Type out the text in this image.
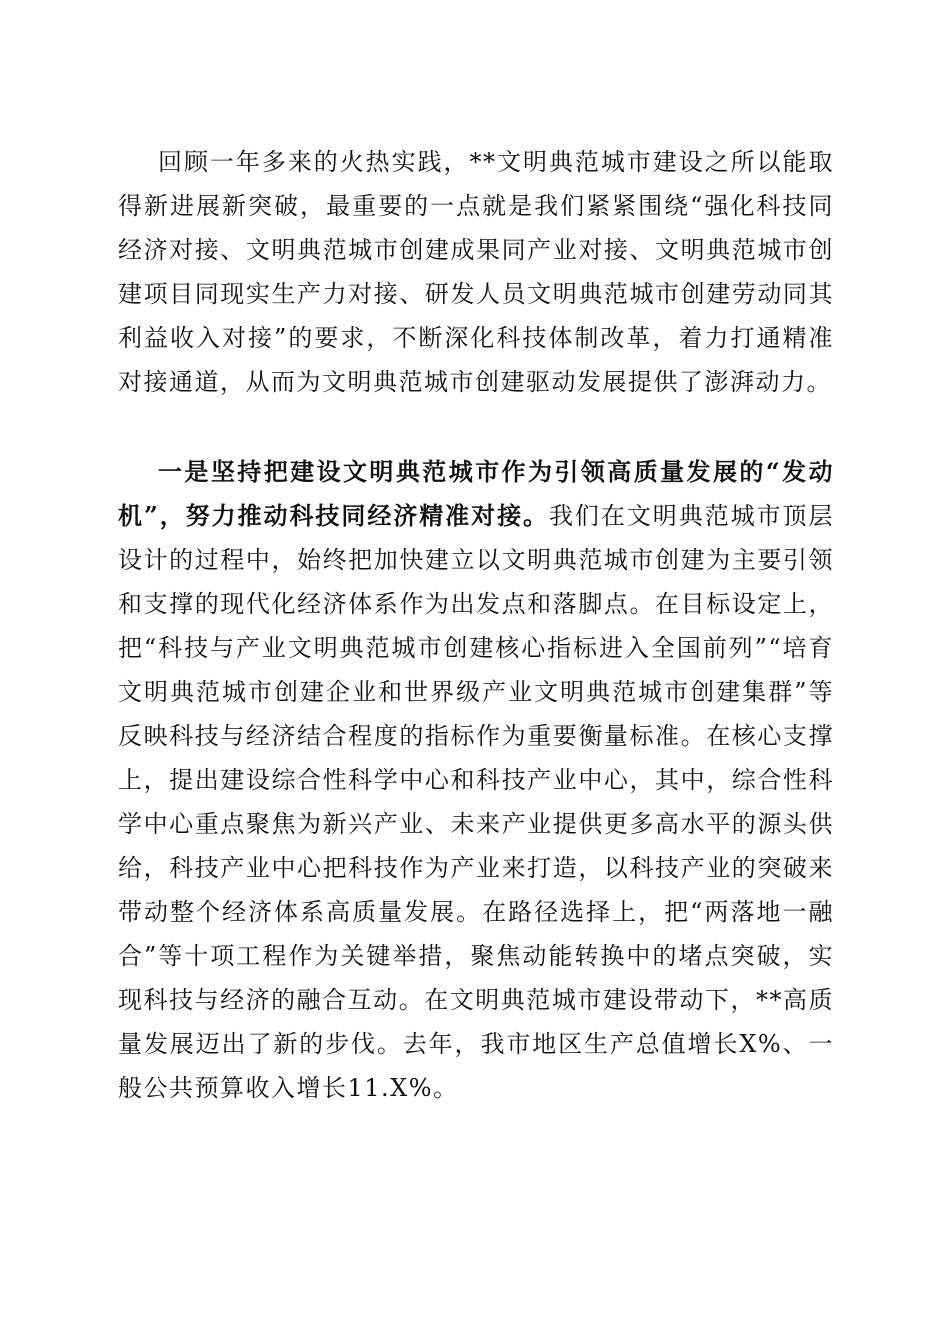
回顾一年多来的火热实践，**文明典范城市建设之所以能取得新进展新突破，最重要的一点就是我们紧紧围绕“强化科技同经济对接、文明典范城市创建成果同产业对接、文明典范城市创建项目同现实生产力对接、研发人员文明典范城市创建劳动同其利益收入对接”的要求，不断深化科技体制改革，着力打通精准对接通道，从而为文明典范城市创建驱动发展提供了澎湃动力。

一是坚持把建设文明典范城市作为引领高质量发展的“发动机”，努力推动科技同经济精准对接。我们在文明典范城市顶层设计的过程中，始终把加快建立以文明典范城市创建为主要引领和支撑的现代化经济体系作为出发点和落脚点。在目标设定上，把“科技与产业文明典范城市创建核心指标进入全国前列”“培育文明典范城市创建企业和世界级产业文明典范城市创建集群”等反映科技与经济结合程度的指标作为重要衡量标准。在核心支撑上，提出建设综合性科学中心和科技产业中心，其中，综合性科学中心重点聚焦为新兴产业、未来产业提供更多高水平的源头供给，科技产业中心把科技作为产业来打造，以科技产业的突破来带动整个经济体系高质量发展。在路径选择上，把“两落地一融合”等十项工程作为关键举措，聚焦动能转换中的堵点突破，实现科技与经济的融合互动。在文明典范城市建设带动下，**高质量发展迈出了新的步伐。去年，我市地区生产总值增长X%、一般公共预算收入增长11.X%。
